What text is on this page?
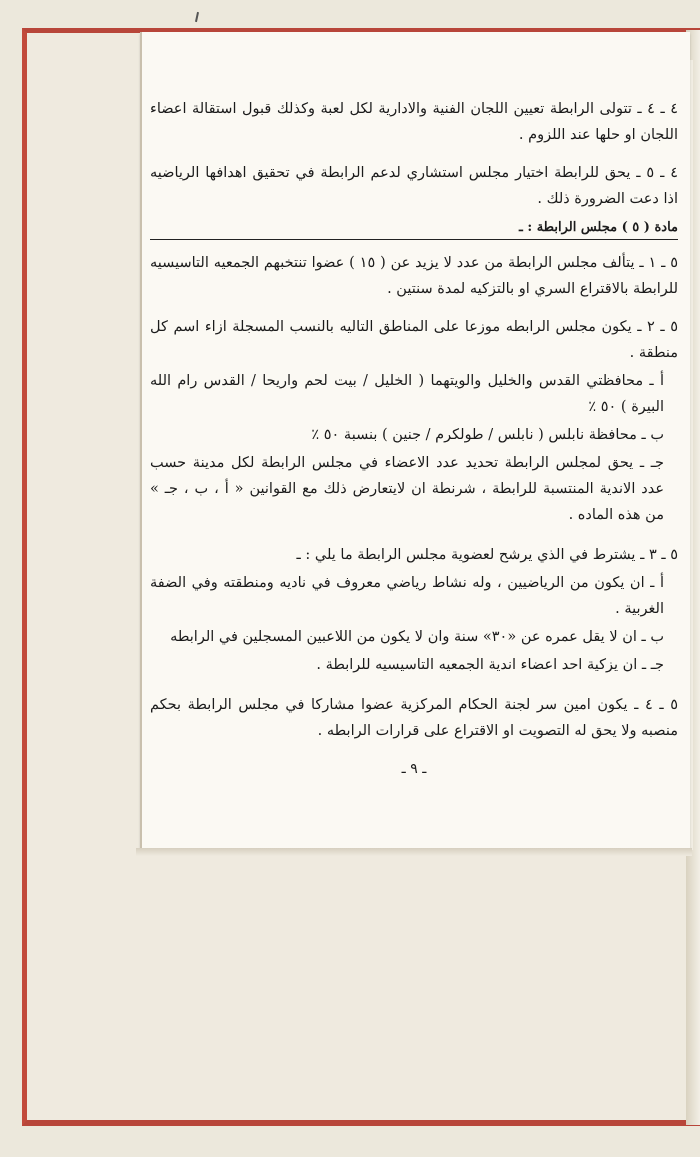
٤ ـ ٤ ـ تتولى الرابطة تعيين اللجان الفنية والادارية لكل لعبة وكذلك قبول استقالة اعضاء اللجان او حلها عند اللزوم .

٤ ـ ٥ ـ يحق للرابطة اختيار مجلس استشاري لدعم الرابطة في تحقيق اهدافها الرياضيه اذا دعت الضرورة ذلك .

مادة ( ٥ ) مجلس الرابطة : ـ

٥ ـ ١ ـ يتألف مجلس الرابطة من عدد لا يزيد عن ( ١٥ ) عضوا تنتخبهم الجمعيه التاسيسيه للرابطة بالاقتراع السري او بالتزكيه لمدة سنتين .

٥ ـ ٢ ـ يكون مجلس الرابطه موزعا على المناطق التاليه بالنسب المسجلة ازاء اسم كل منطقة .

أ ـ محافظتي القدس والخليل والويتهما ( الخليل / بيت لحم واريحا / القدس رام الله البيرة ) ٥٠ ٪

ب ـ محافظة نابلس ( نابلس / طولكرم / جنين ) بنسبة ٥٠ ٪

جـ ـ يحق لمجلس الرابطة تحديد عدد الاعضاء في مجلس الرابطة لكل مدينة حسب عدد الاندية المنتسبة للرابطة ، شرنطة ان لايتعارض ذلك مع القوانين « أ ، ب ، جـ » من هذه الماده .

٥ ـ ٣ ـ يشترط في الذي يرشح لعضوية مجلس الرابطة ما يلي : ـ

أ ـ ان يكون من الرياضيين ، وله نشاط رياضي معروف في ناديه ومنطقته وفي الضفة الغربية .

ب ـ ان لا يقل عمره عن «٣٠» سنة وان لا يكون من اللاعبين المسجلين في الرابطه

جـ ـ ان يزكية احد اعضاء اندية الجمعيه التاسيسيه للرابطة .

٥ ـ ٤ ـ يكون امين سر لجنة الحكام المركزية عضوا مشاركا في مجلس الرابطة بحكم منصبه ولا يحق له التصويت او الاقتراع على قرارات الرابطه .

ـ ٩ ـ
